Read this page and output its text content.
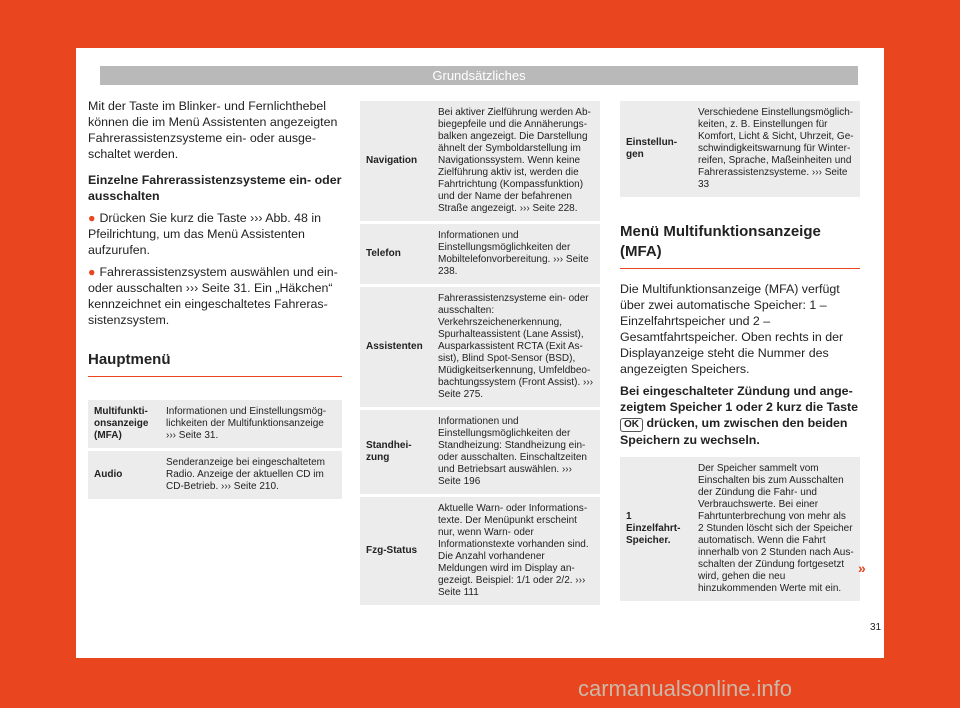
Grundsätzliches

Mit der Taste im Blinker- und Fernlichthebel können die im Menü Assistenten angezeigten Fahrerassistenzsysteme ein- oder ausgeschaltet werden.

Einzelne Fahrerassistenzsysteme ein- oder ausschalten

● Drücken Sie kurz die Taste ››› Abb. 48 in Pfeilrichtung, um das Menü Assistenten aufzurufen.

● Fahrerassistenzsystem auswählen und ein- oder ausschalten ››› Seite 31. Ein „Häkchen“ kennzeichnet ein eingeschaltetes Fahrerassistenzsystem.

Hauptmenü
Multifunktionsanzeige (MFA)	Informationen und Einstellungsmöglichkeiten der Multifunktionsanzeige ››› Seite 31.
Audio	Senderanzeige bei eingeschaltetem Radio. Anzeige der aktuellen CD im CD-Betrieb. ››› Seite 210.
Navigation	Bei aktiver Zielführung werden Abbiegepfeile und die Annäherungsbalken angezeigt. Die Darstellung ähnelt der Symboldarstellung im Navigationssystem. Wenn keine Zielführung aktiv ist, werden die Fahrtrichtung (Kompassfunktion) und der Name der befahrenen Straße angezeigt. ››› Seite 228.
Telefon	Informationen und Einstellungsmöglichkeiten der Mobiltelefonvorbereitung. ››› Seite 238.
Assistenten	Fahrerassistenzsysteme ein- oder ausschalten: Verkehrszeichenerkennung, Spurhalteassistent (Lane Assist), Ausparkassistent RCTA (Exit Assist), Blind Spot-Sensor (BSD), Müdigkeitserkennung, Umfeldbeobachtungssystem (Front Assist). ››› Seite 275.
Standheizung	Informationen und Einstellungsmöglichkeiten der Standheizung: Standheizung ein- oder ausschalten. Einschaltzeiten und Betriebsart auswählen. ››› Seite 196
Fzg-Status	Aktuelle Warn- oder Informationstexte. Der Menüpunkt erscheint nur, wenn Warn- oder Informationstexte vorhanden sind. Die Anzahl vorhandener Meldungen wird im Display angezeigt. Beispiel: 1/1 oder 2/2. ››› Seite 111
Einstellungen	Verschiedene Einstellungsmöglichkeiten, z. B. Einstellungen für Komfort, Licht & Sicht, Uhrzeit, Geschwindigkeitswarnung für Winterreifen, Sprache, Maßeinheiten und Fahrerassistenzsysteme. ››› Seite 33
Menü Multifunktionsanzeige (MFA)

Die Multifunktionsanzeige (MFA) verfügt über zwei automatische Speicher: 1 – Einzelfahrtspeicher und 2 – Gesamtfahrtspeicher. Oben rechts in der Displayanzeige steht die Nummer des angezeigten Speichers.

Bei eingeschalteter Zündung und angezeigtem Speicher 1 oder 2 kurz die Taste OK drücken, um zwischen den beiden Speichern zu wechseln.

1 Einzelfahrt-Speicher.	Der Speicher sammelt vom Einschalten bis zum Ausschalten der Zündung die Fahr- und Verbrauchswerte. Bei einer Fahrtunterbrechung von mehr als 2 Stunden löscht sich der Speicher automatisch. Wenn die Fahrt innerhalb von 2 Stunden nach Ausschalten der Zündung fortgesetzt wird, gehen die neu hinzukommenden Werte mit ein.
»
31
carmanualsonline.info
